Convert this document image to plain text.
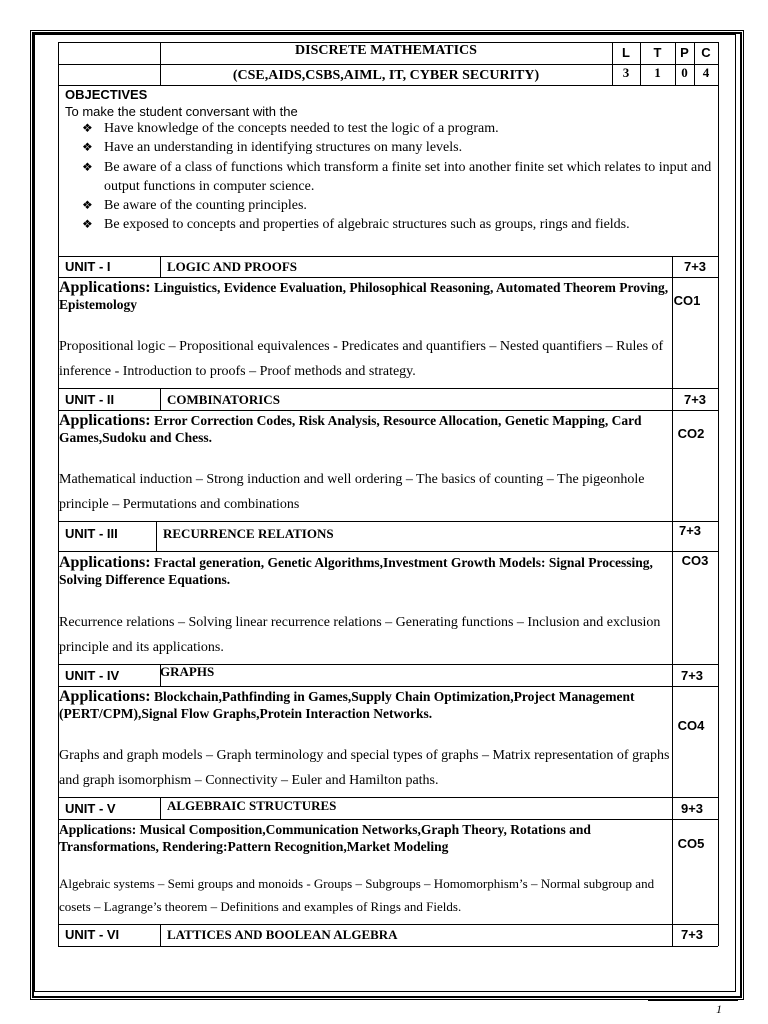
DISCRETE MATHEMATICS
(CSE,AIDS,CSBS,AIML, IT, CYBER SECURITY)
L	T	P C
3	1	0	4
OBJECTIVES
To make the student conversant with the
❖ Have knowledge of the concepts needed to test the logic of a program.
❖ Have an understanding in identifying structures on many levels.
❖ Be aware of a class of functions which transform a finite set into another finite set which relates to input and output functions in computer science.
❖ Be aware of the counting principles.
❖ Be exposed to concepts and properties of algebraic structures such as groups, rings and fields.
UNIT - I	LOGIC AND PROOFS	7+3
Applications: Linguistics, Evidence Evaluation, Philosophical Reasoning, Automated Theorem Proving, Epistemology	CO1
Propositional logic – Propositional equivalences - Predicates and quantifiers – Nested quantifiers – Rules of inference - Introduction to proofs – Proof methods and strategy.
UNIT - II	COMBINATORICS	7+3
Applications: Error Correction Codes, Risk Analysis, Resource Allocation, Genetic Mapping, Card Games,Sudoku and Chess.	CO2
Mathematical induction – Strong induction and well ordering – The basics of counting – The pigeonhole principle – Permutations and combinations
UNIT - III	RECURRENCE RELATIONS	7+3
Applications: Fractal generation, Genetic Algorithms,Investment Growth Models: Signal Processing, Solving Difference Equations.
CO3
Recurrence relations – Solving linear recurrence relations – Generating functions – Inclusion and exclusion principle and its applications.
UNIT - IV	GRAPHS	7+3
Applications: Blockchain,Pathfinding in Games,Supply Chain Optimization,Project Management (PERT/CPM),Signal Flow Graphs,Protein Interaction Networks.
CO4
Graphs and graph models – Graph terminology and special types of graphs – Matrix representation of graphs and graph isomorphism – Connectivity – Euler and Hamilton paths.
UNIT - V	ALGEBRAIC STRUCTURES	9+3
Applications: Musical Composition,Communication Networks,Graph Theory, Rotations and Transformations, Rendering:Pattern Recognition,Market Modeling	CO5
Algebraic systems – Semi groups and monoids - Groups – Subgroups – Homomorphism’s – Normal subgroup and cosets – Lagrange’s theorem – Definitions and examples of Rings and Fields.
UNIT - VI	LATTICES AND BOOLEAN ALGEBRA	7+3
1
